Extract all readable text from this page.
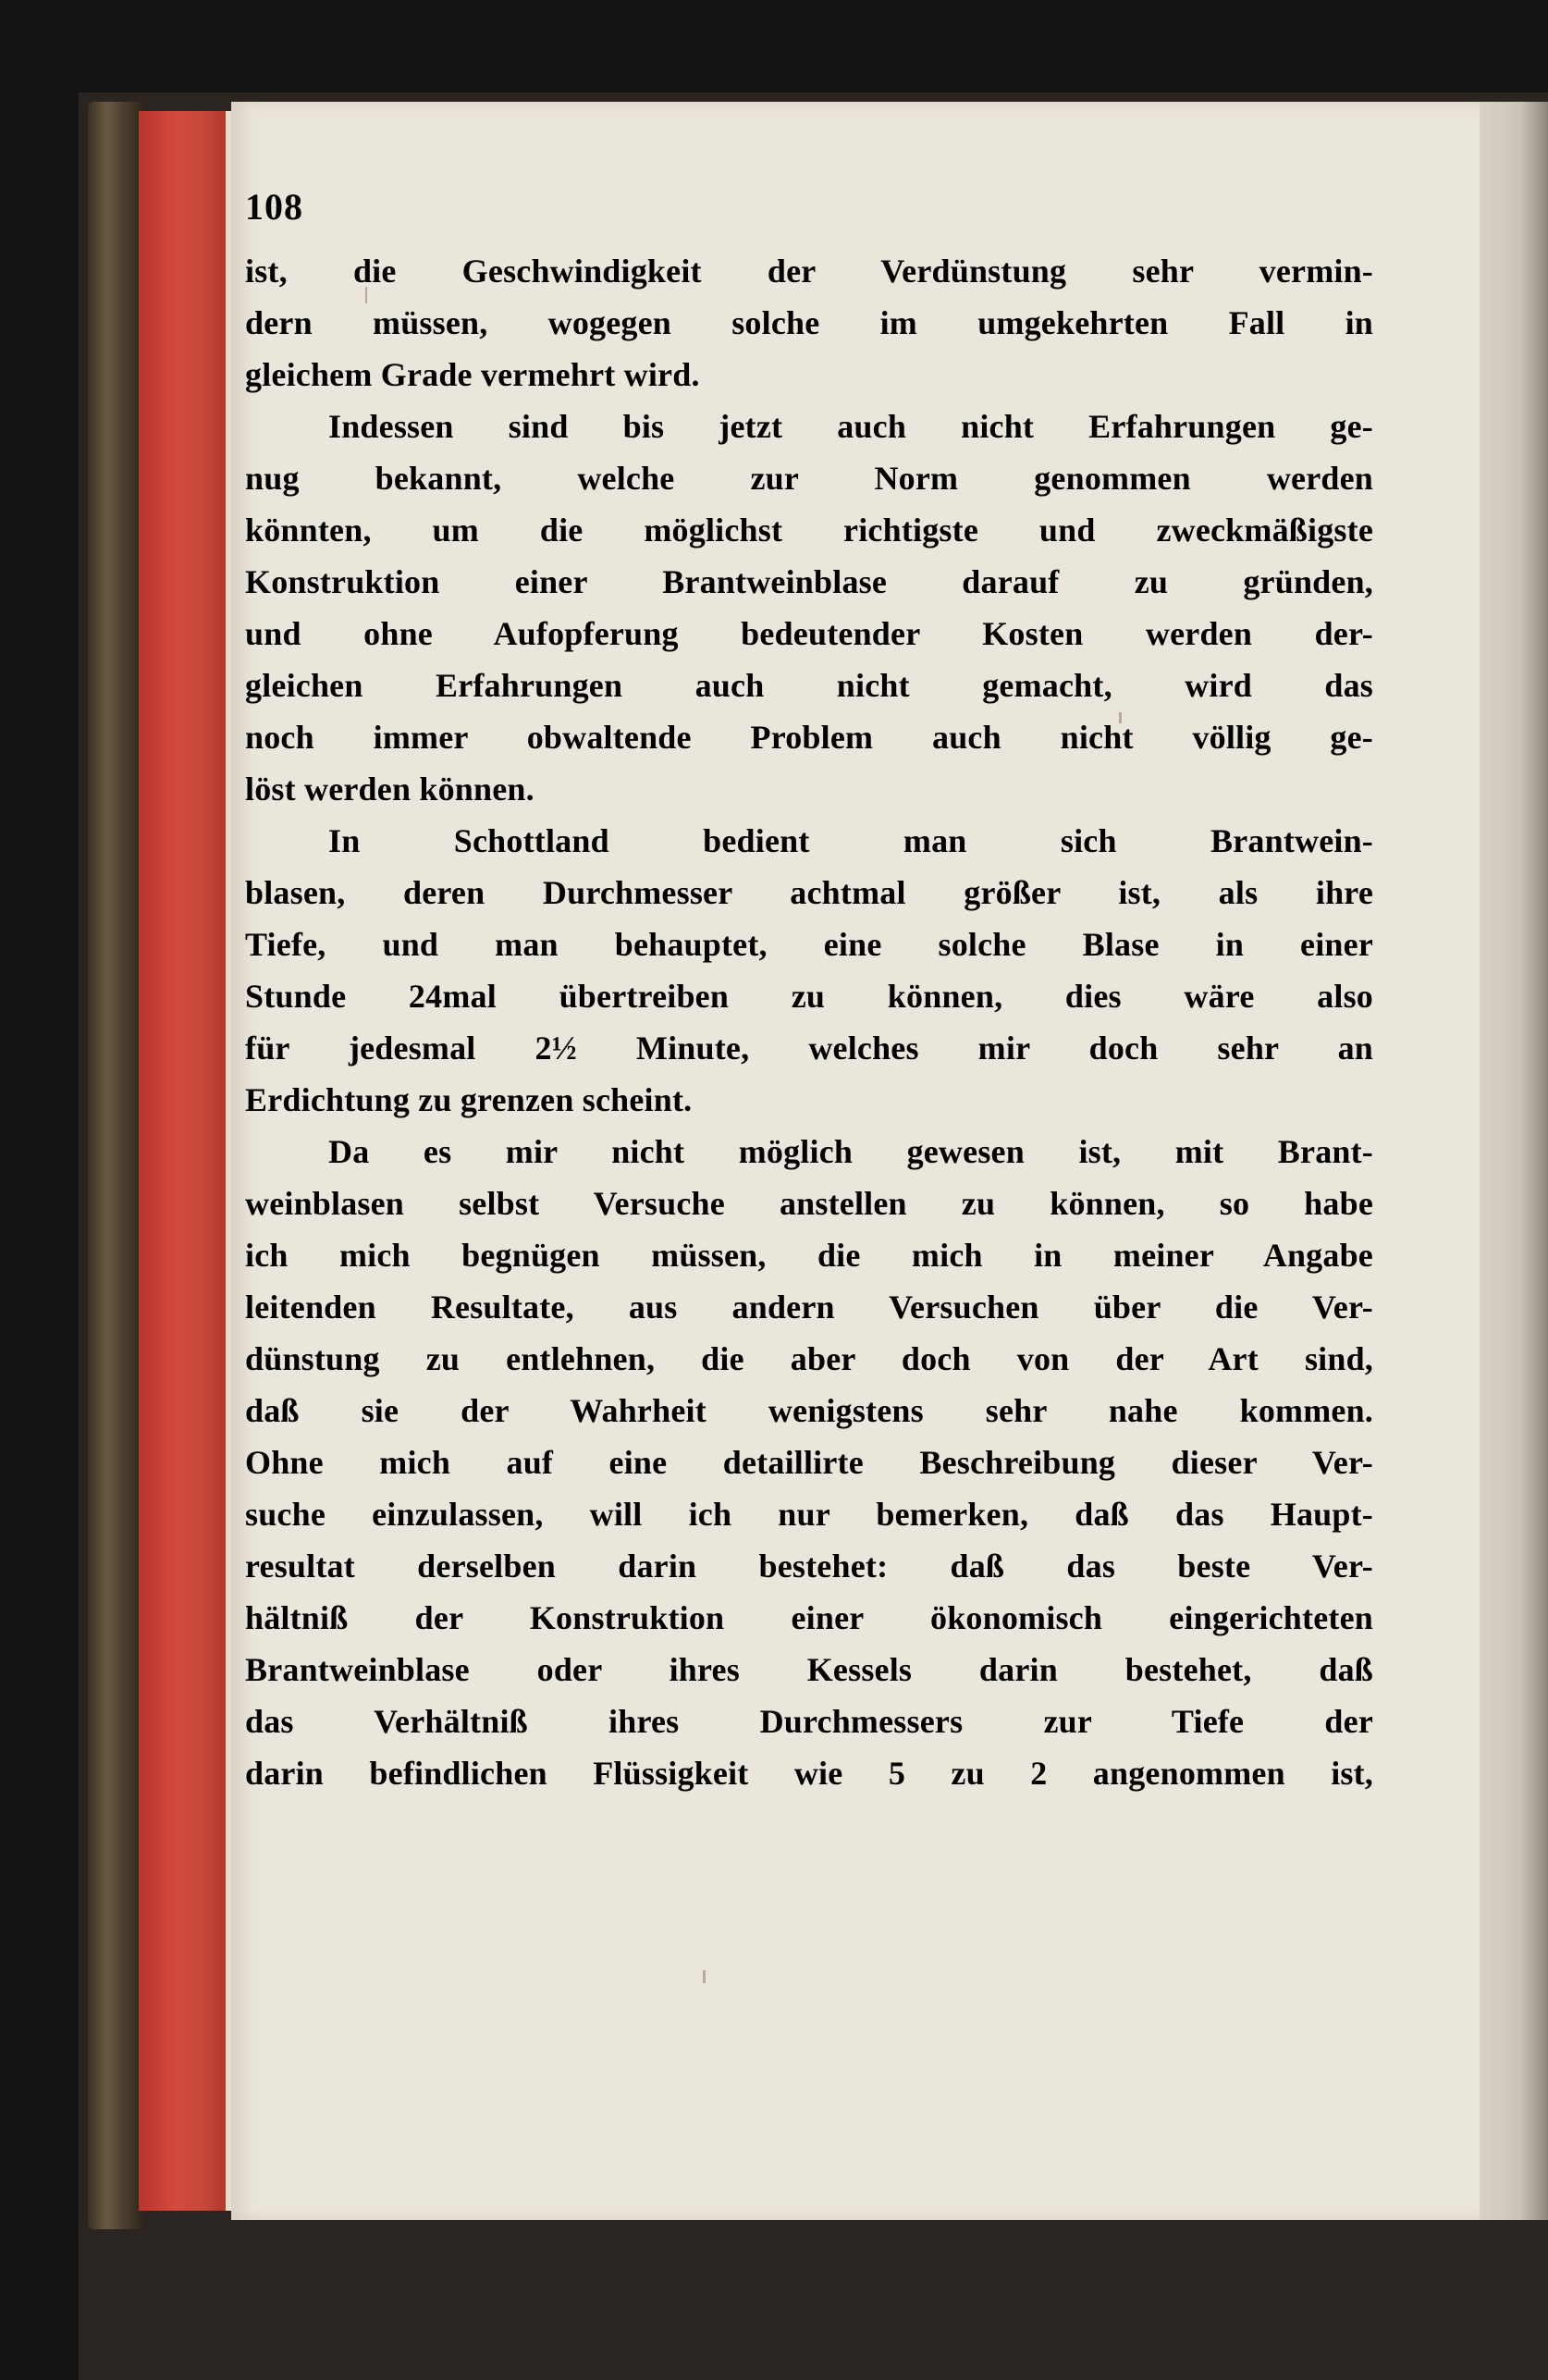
108
ist, die Geschwindigkeit der Verdünstung sehr vermin-
dern müssen, wogegen solche im umgekehrten Fall in
gleichem Grade vermehrt wird.
Indessen sind bis jetzt auch nicht Erfahrungen ge-
nug bekannt, welche zur Norm genommen werden
könnten, um die möglichst richtigste und zweckmäßigste
Konstruktion einer Brantweinblase darauf zu gründen,
und ohne Aufopferung bedeutender Kosten werden der-
gleichen Erfahrungen auch nicht gemacht, wird das
noch immer obwaltende Problem auch nicht völlig ge-
löst werden können.
In Schottland bedient man sich Brantwein-
blasen, deren Durchmesser achtmal größer ist, als ihre
Tiefe, und man behauptet, eine solche Blase in einer
Stunde 24mal übertreiben zu können, dies wäre also
für jedesmal 2½ Minute, welches mir doch sehr an
Erdichtung zu grenzen scheint.
Da es mir nicht möglich gewesen ist, mit Brant-
weinblasen selbst Versuche anstellen zu können, so habe
ich mich begnügen müssen, die mich in meiner Angabe
leitenden Resultate, aus andern Versuchen über die Ver-
dünstung zu entlehnen, die aber doch von der Art sind,
daß sie der Wahrheit wenigstens sehr nahe kommen.
Ohne mich auf eine detaillirte Beschreibung dieser Ver-
suche einzulassen, will ich nur bemerken, daß das Haupt-
resultat derselben darin bestehet: daß das beste Ver-
hältniß der Konstruktion einer ökonomisch eingerichteten
Brantweinblase oder ihres Kessels darin bestehet, daß
das Verhältniß ihres Durchmessers zur Tiefe der
darin befindlichen Flüssigkeit wie 5 zu 2 angenommen ist,
